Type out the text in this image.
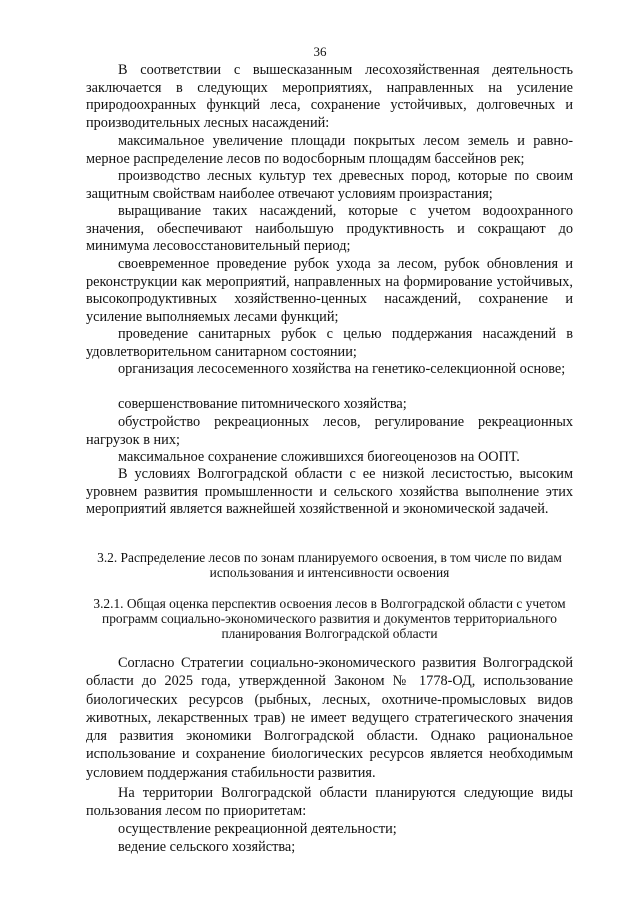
36

В соответствии с вышесказанным лесохозяйственная деятельность заключается в следующих мероприятиях, направленных на усиление природоохранных функций леса, сохранение устойчивых, долговечных и производительных лесных насаждений:

максимальное увеличение площади покрытых лесом земель и равномерное распределение лесов по водосборным площадям бассейнов рек;

производство лесных культур тех древесных пород, которые по своим защитным свойствам наиболее отвечают условиям произрастания;

выращивание таких насаждений, которые с учетом водоохранного значения, обеспечивают наибольшую продуктивность и сокращают до минимума лесовосстановительный период;

своевременное проведение рубок ухода за лесом, рубок обновления и реконструкции как мероприятий, направленных на формирование устойчивых, высокопродуктивных хозяйственно-ценных насаждений, сохранение и усиление выполняемых лесами функций;

проведение санитарных рубок с целью поддержания насаждений в удовлетворительном санитарном состоянии;

организация лесосеменного хозяйства на генетико-селекционной основе;

совершенствование питомнического хозяйства;

обустройство рекреационных лесов, регулирование рекреационных нагрузок в них;

максимальное сохранение сложившихся биогеоценозов на ООПТ.

В условиях Волгоградской области с ее низкой лесистостью, высоким уровнем развития промышленности и сельского хозяйства выполнение этих мероприятий является важнейшей хозяйственной и экономической задачей.

3.2. Распределение лесов по зонам планируемого освоения, в том числе по видам использования и интенсивности освоения
3.2.1. Общая оценка перспектив освоения лесов в Волгоградской области с учетом программ социально-экономического развития и документов территориального планирования Волгоградской области

Согласно Стратегии социально-экономического развития Волгоградской области до 2025 года, утвержденной Законом № 1778-ОД, использование биологических ресурсов (рыбных, лесных, охотниче-промысловых видов животных, лекарственных трав) не имеет ведущего стратегического значения для развития экономики Волгоградской области. Однако рациональное использование и сохранение биологических ресурсов является необходимым условием поддержания стабильности развития.

На территории Волгоградской области планируются следующие виды пользования лесом по приоритетам:

осуществление рекреационной деятельности;

ведение сельского хозяйства;
